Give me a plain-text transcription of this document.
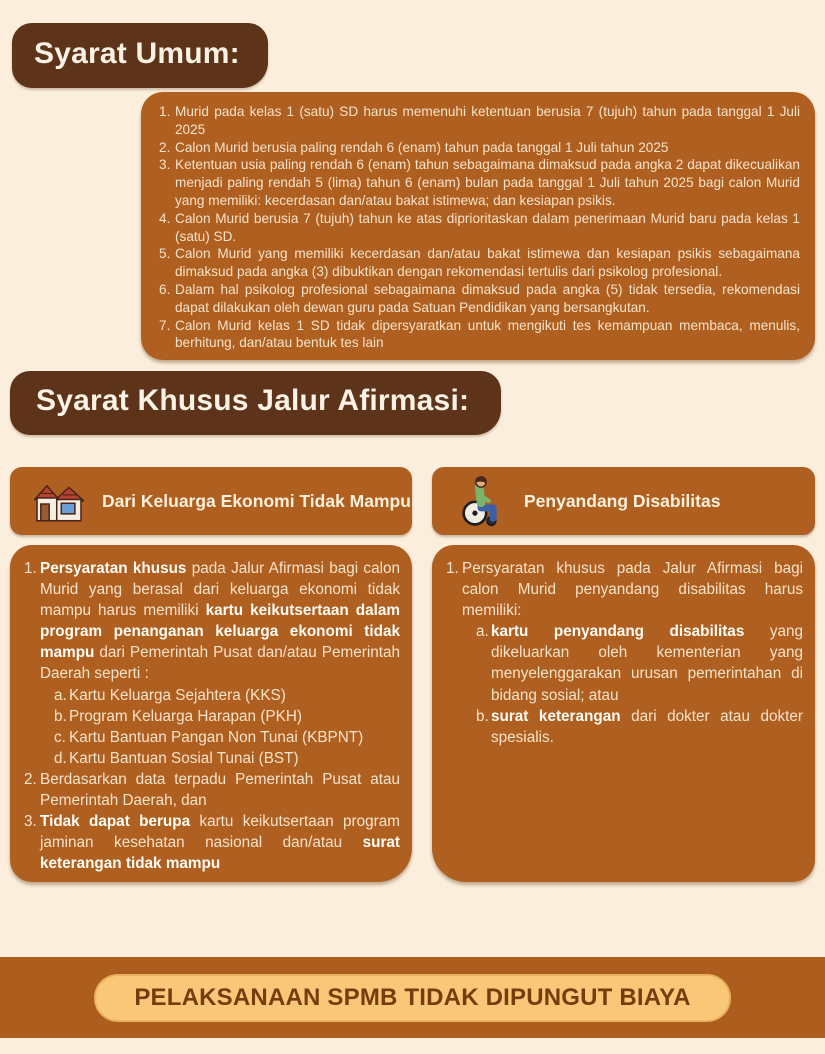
Syarat Umum:
Murid pada kelas 1 (satu) SD harus memenuhi ketentuan berusia 7 (tujuh) tahun pada tanggal 1 Juli 2025
Calon Murid berusia paling rendah 6 (enam) tahun pada tanggal 1 Juli tahun 2025
Ketentuan usia paling rendah 6 (enam) tahun sebagaimana dimaksud pada angka 2 dapat dikecualikan menjadi paling rendah 5 (lima) tahun 6 (enam) bulan pada tanggal 1 Juli tahun 2025 bagi calon Murid yang memiliki: kecerdasan dan/atau bakat istimewa; dan kesiapan psikis.
Calon Murid berusia 7 (tujuh) tahun ke atas diprioritaskan dalam penerimaan Murid baru pada kelas 1 (satu) SD.
Calon Murid yang memiliki kecerdasan dan/atau bakat istimewa dan kesiapan psikis sebagaimana dimaksud pada angka (3) dibuktikan dengan rekomendasi tertulis dari psikolog profesional.
Dalam hal psikolog profesional sebagaimana dimaksud pada angka (5) tidak tersedia, rekomendasi dapat dilakukan oleh dewan guru pada Satuan Pendidikan yang bersangkutan.
Calon Murid kelas 1 SD tidak dipersyaratkan untuk mengikuti tes kemampuan membaca, menulis, berhitung, dan/atau bentuk tes lain
Syarat Khusus Jalur Afirmasi:
Dari Keluarga Ekonomi Tidak Mampu
Persyaratan khusus pada Jalur Afirmasi bagi calon Murid yang berasal dari keluarga ekonomi tidak mampu harus memiliki kartu keikutsertaan dalam program penanganan keluarga ekonomi tidak mampu dari Pemerintah Pusat dan/atau Pemerintah Daerah seperti :
Kartu Keluarga Sejahtera (KKS)
Program Keluarga Harapan (PKH)
Kartu Bantuan Pangan Non Tunai (KBPNT)
Kartu Bantuan Sosial Tunai (BST)
Berdasarkan data terpadu Pemerintah Pusat atau Pemerintah Daerah, dan
Tidak dapat berupa kartu keikutsertaan program jaminan kesehatan nasional dan/atau surat keterangan tidak mampu
Penyandang Disabilitas
Persyaratan khusus pada Jalur Afirmasi bagi calon Murid penyandang disabilitas harus memiliki:
kartu penyandang disabilitas yang dikeluarkan oleh kementerian yang menyelenggarakan urusan pemerintahan di bidang sosial; atau
surat keterangan dari dokter atau dokter spesialis.
PELAKSANAAN SPMB TIDAK DIPUNGUT BIAYA
